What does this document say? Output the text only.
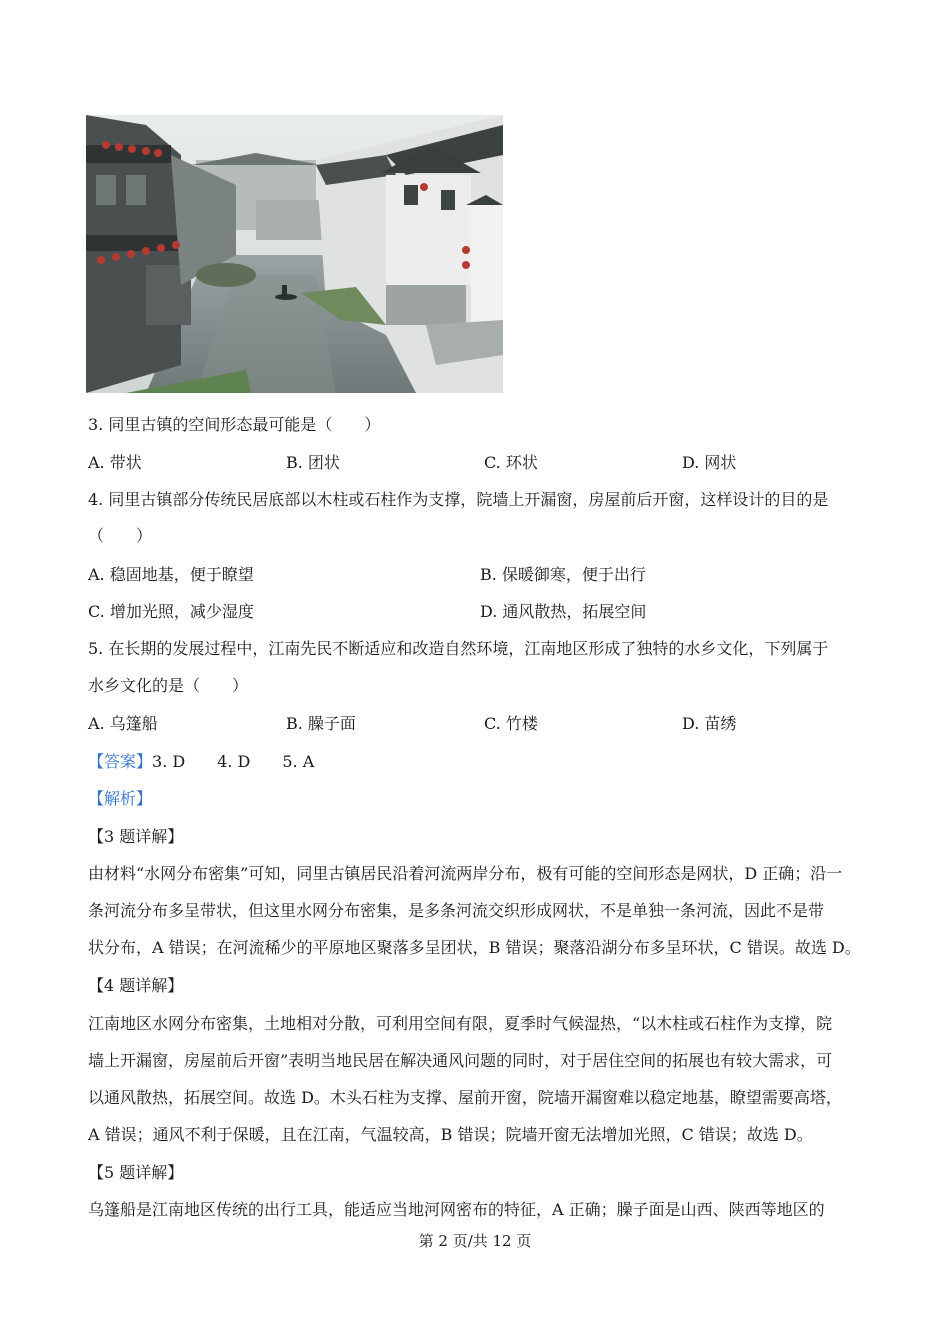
3. 同里古镇的空间形态最可能是（　　）
A. 带状	B. 团状	C. 环状	D. 网状
4. 同里古镇部分传统民居底部以木柱或石柱作为支撑，院墙上开漏窗，房屋前后开窗，这样设计的目的是
（　　）
A. 稳固地基，便于瞭望	B. 保暖御寒，便于出行
C. 增加光照，减少湿度	D. 通风散热，拓展空间
5. 在长期的发展过程中，江南先民不断适应和改造自然环境，江南地区形成了独特的水乡文化，下列属于
水乡文化的是（　　）
A. 乌篷船	B. 臊子面	C. 竹楼	D. 苗绣
【答案】3. D　　4. D　　5. A
【解析】
【3 题详解】
由材料“水网分布密集”可知，同里古镇居民沿着河流两岸分布，极有可能的空间形态是网状，D 正确；沿一
条河流分布多呈带状，但这里水网分布密集，是多条河流交织形成网状，不是单独一条河流，因此不是带
状分布，A 错误；在河流稀少的平原地区聚落多呈团状，B 错误；聚落沿湖分布多呈环状，C 错误。故选 D。
【4 题详解】
江南地区水网分布密集，土地相对分散，可利用空间有限，夏季时气候湿热，“以木柱或石柱作为支撑，院
墙上开漏窗，房屋前后开窗”表明当地民居在解决通风问题的同时，对于居住空间的拓展也有较大需求，可
以通风散热，拓展空间。故选 D。木头石柱为支撑、屋前开窗，院墙开漏窗难以稳定地基，瞭望需要高塔，
A 错误；通风不利于保暖，且在江南，气温较高，B 错误；院墙开窗无法增加光照，C 错误；故选 D。
【5 题详解】
乌篷船是江南地区传统的出行工具，能适应当地河网密布的特征，A 正确；臊子面是山西、陕西等地区的
第 2 页/共 12 页
